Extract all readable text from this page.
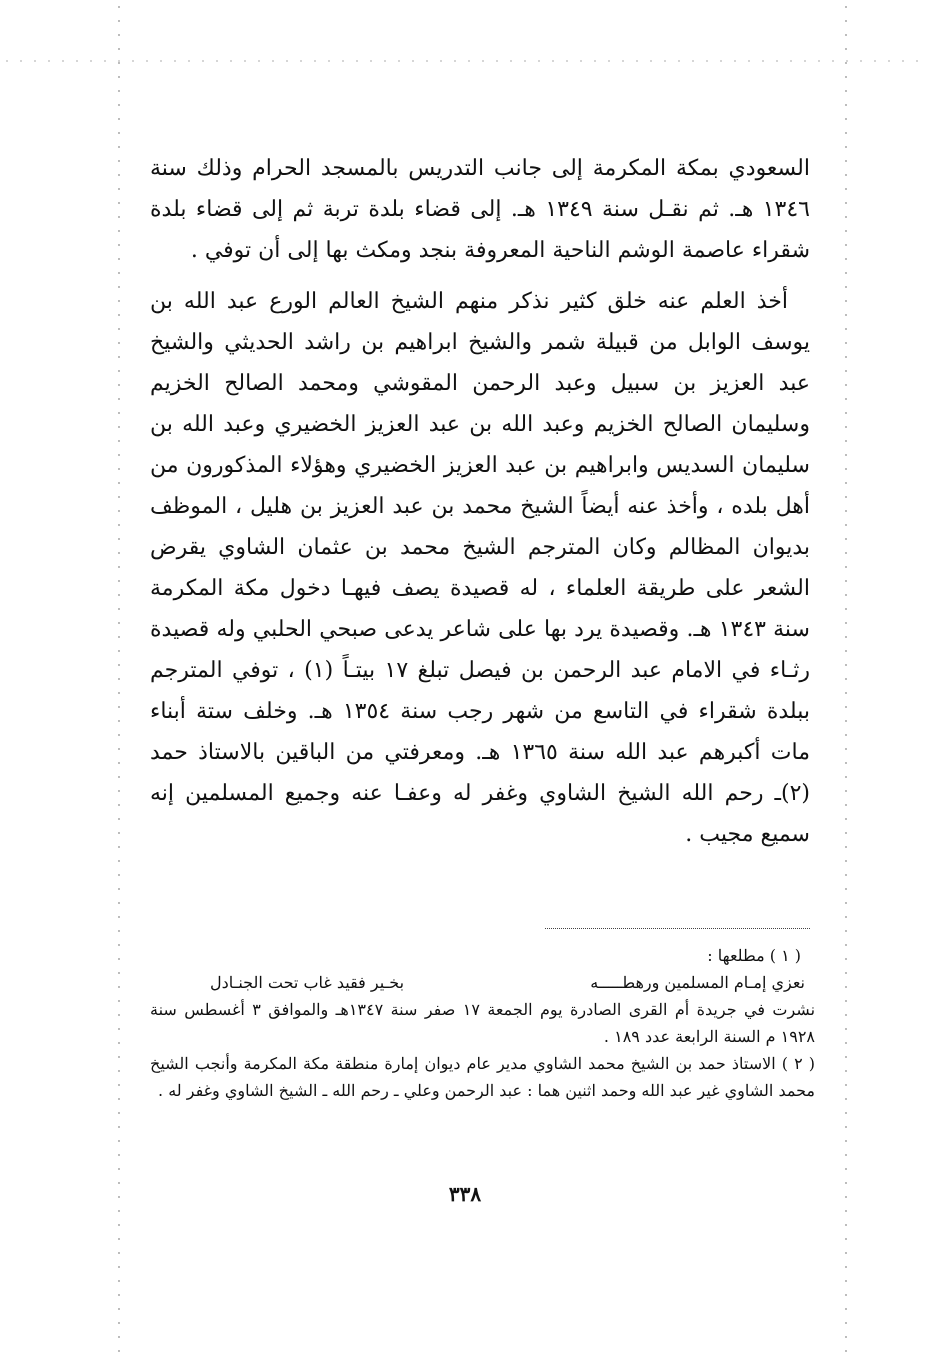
السعودي بمكة المكرمة إلى جانب التدريس بالمسجد الحرام وذلك سنة ١٣٤٦ هـ. ثم نقـل سنة ١٣٤٩ هـ. إلى قضاء بلدة تربة ثم إلى قضاء بلدة شقراء عاصمة الوشم الناحية المعروفة بنجد ومكث بها إلى أن توفي .

أخذ العلم عنه خلق كثير نذكر منهم الشيخ العالم الورع عبد الله بن يوسف الوابل من قبيلة شمر والشيخ ابراهيم بن راشد الحديثي والشيخ عبد العزيز بن سبيل وعبد الرحمن المقوشي ومحمد الصالح الخزيم وسليمان الصالح الخزيم وعبد الله بن عبد العزيز الخضيري وعبد الله بن سليمان السديس وابراهيم بن عبد العزيز الخضيري وهؤلاء المذكورون من أهل بلده ، وأخذ عنه أيضاً الشيخ محمد بن عبد العزيز بن هليل ، الموظف بديوان المظالم وكان المترجم الشيخ محمد بن عثمان الشاوي يقرض الشعر على طريقة العلماء ، له قصيدة يصف فيهـا دخول مكة المكرمة سنة ١٣٤٣ هـ. وقصيدة يرد بها على شاعر يدعى صبحي الحلبي وله قصيدة رثـاء في الامام عبد الرحمن بن فيصل تبلغ ١٧ بيتـاً (١) ، توفي المترجم ببلدة شقراء في التاسع من شهر رجب سنة ١٣٥٤ هـ. وخلف ستة أبناء مات أكبرهم عبد الله سنة ١٣٦٥ هـ. ومعرفتي من الباقين بالاستاذ حمد (٢)ـ رحم الله الشيخ الشاوي وغفر له وعفـا عنه وجميع المسلمين إنه سميع مجيب .

( ١ ) مطلعها :

نعزي إمـام المسلمين ورهطـــــه
بخـير فقيد غاب تحت الجنـادل

نشرت في جريدة أم القرى الصادرة يوم الجمعة ١٧ صفر سنة ١٣٤٧هـ والموافق ٣ أغسطس سنة ١٩٢٨ م السنة الرابعة عدد ١٨٩ .

( ٢ ) الاستاذ حمد بن الشيخ محمد الشاوي مدير عام ديوان إمارة منطقة مكة المكرمة وأنجب الشيخ محمد الشاوي غير عبد الله وحمد اثنين هما : عبد الرحمن وعلي ـ رحم الله ـ الشيخ الشاوي وغفر له .

٣٣٨
